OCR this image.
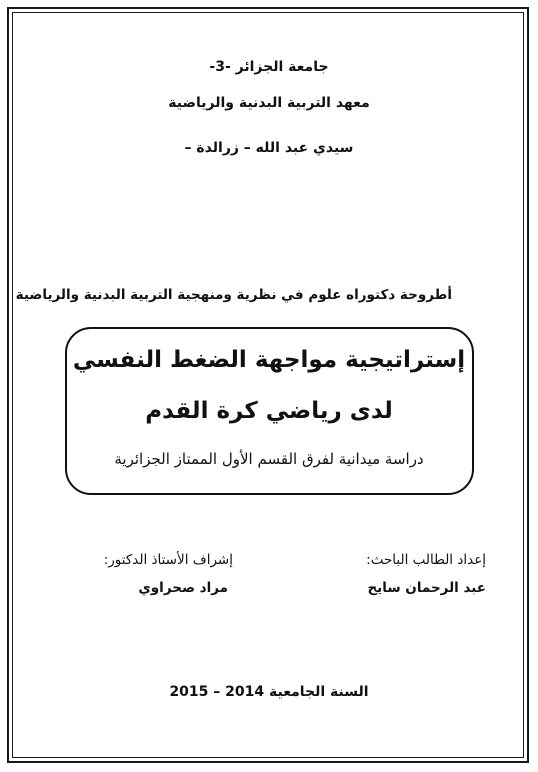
جامعة الجزائر -3-
معهد التربية البدنية والرياضية
سيدي عبد الله – زرالدة –
أطروحة دكتوراه علوم في نظرية ومنهجية التربية البدنية والرياضية
إستراتيجية مواجهة الضغط النفسي
لدى رياضي كرة القدم
دراسة ميدانية لفرق القسم الأول الممتاز الجزائرية
إعداد الطالب الباحث:
عبد الرحمان سايح
إشراف الأستاذ الدكتور:
مراد صحراوي
السنة الجامعية 2014 – 2015
